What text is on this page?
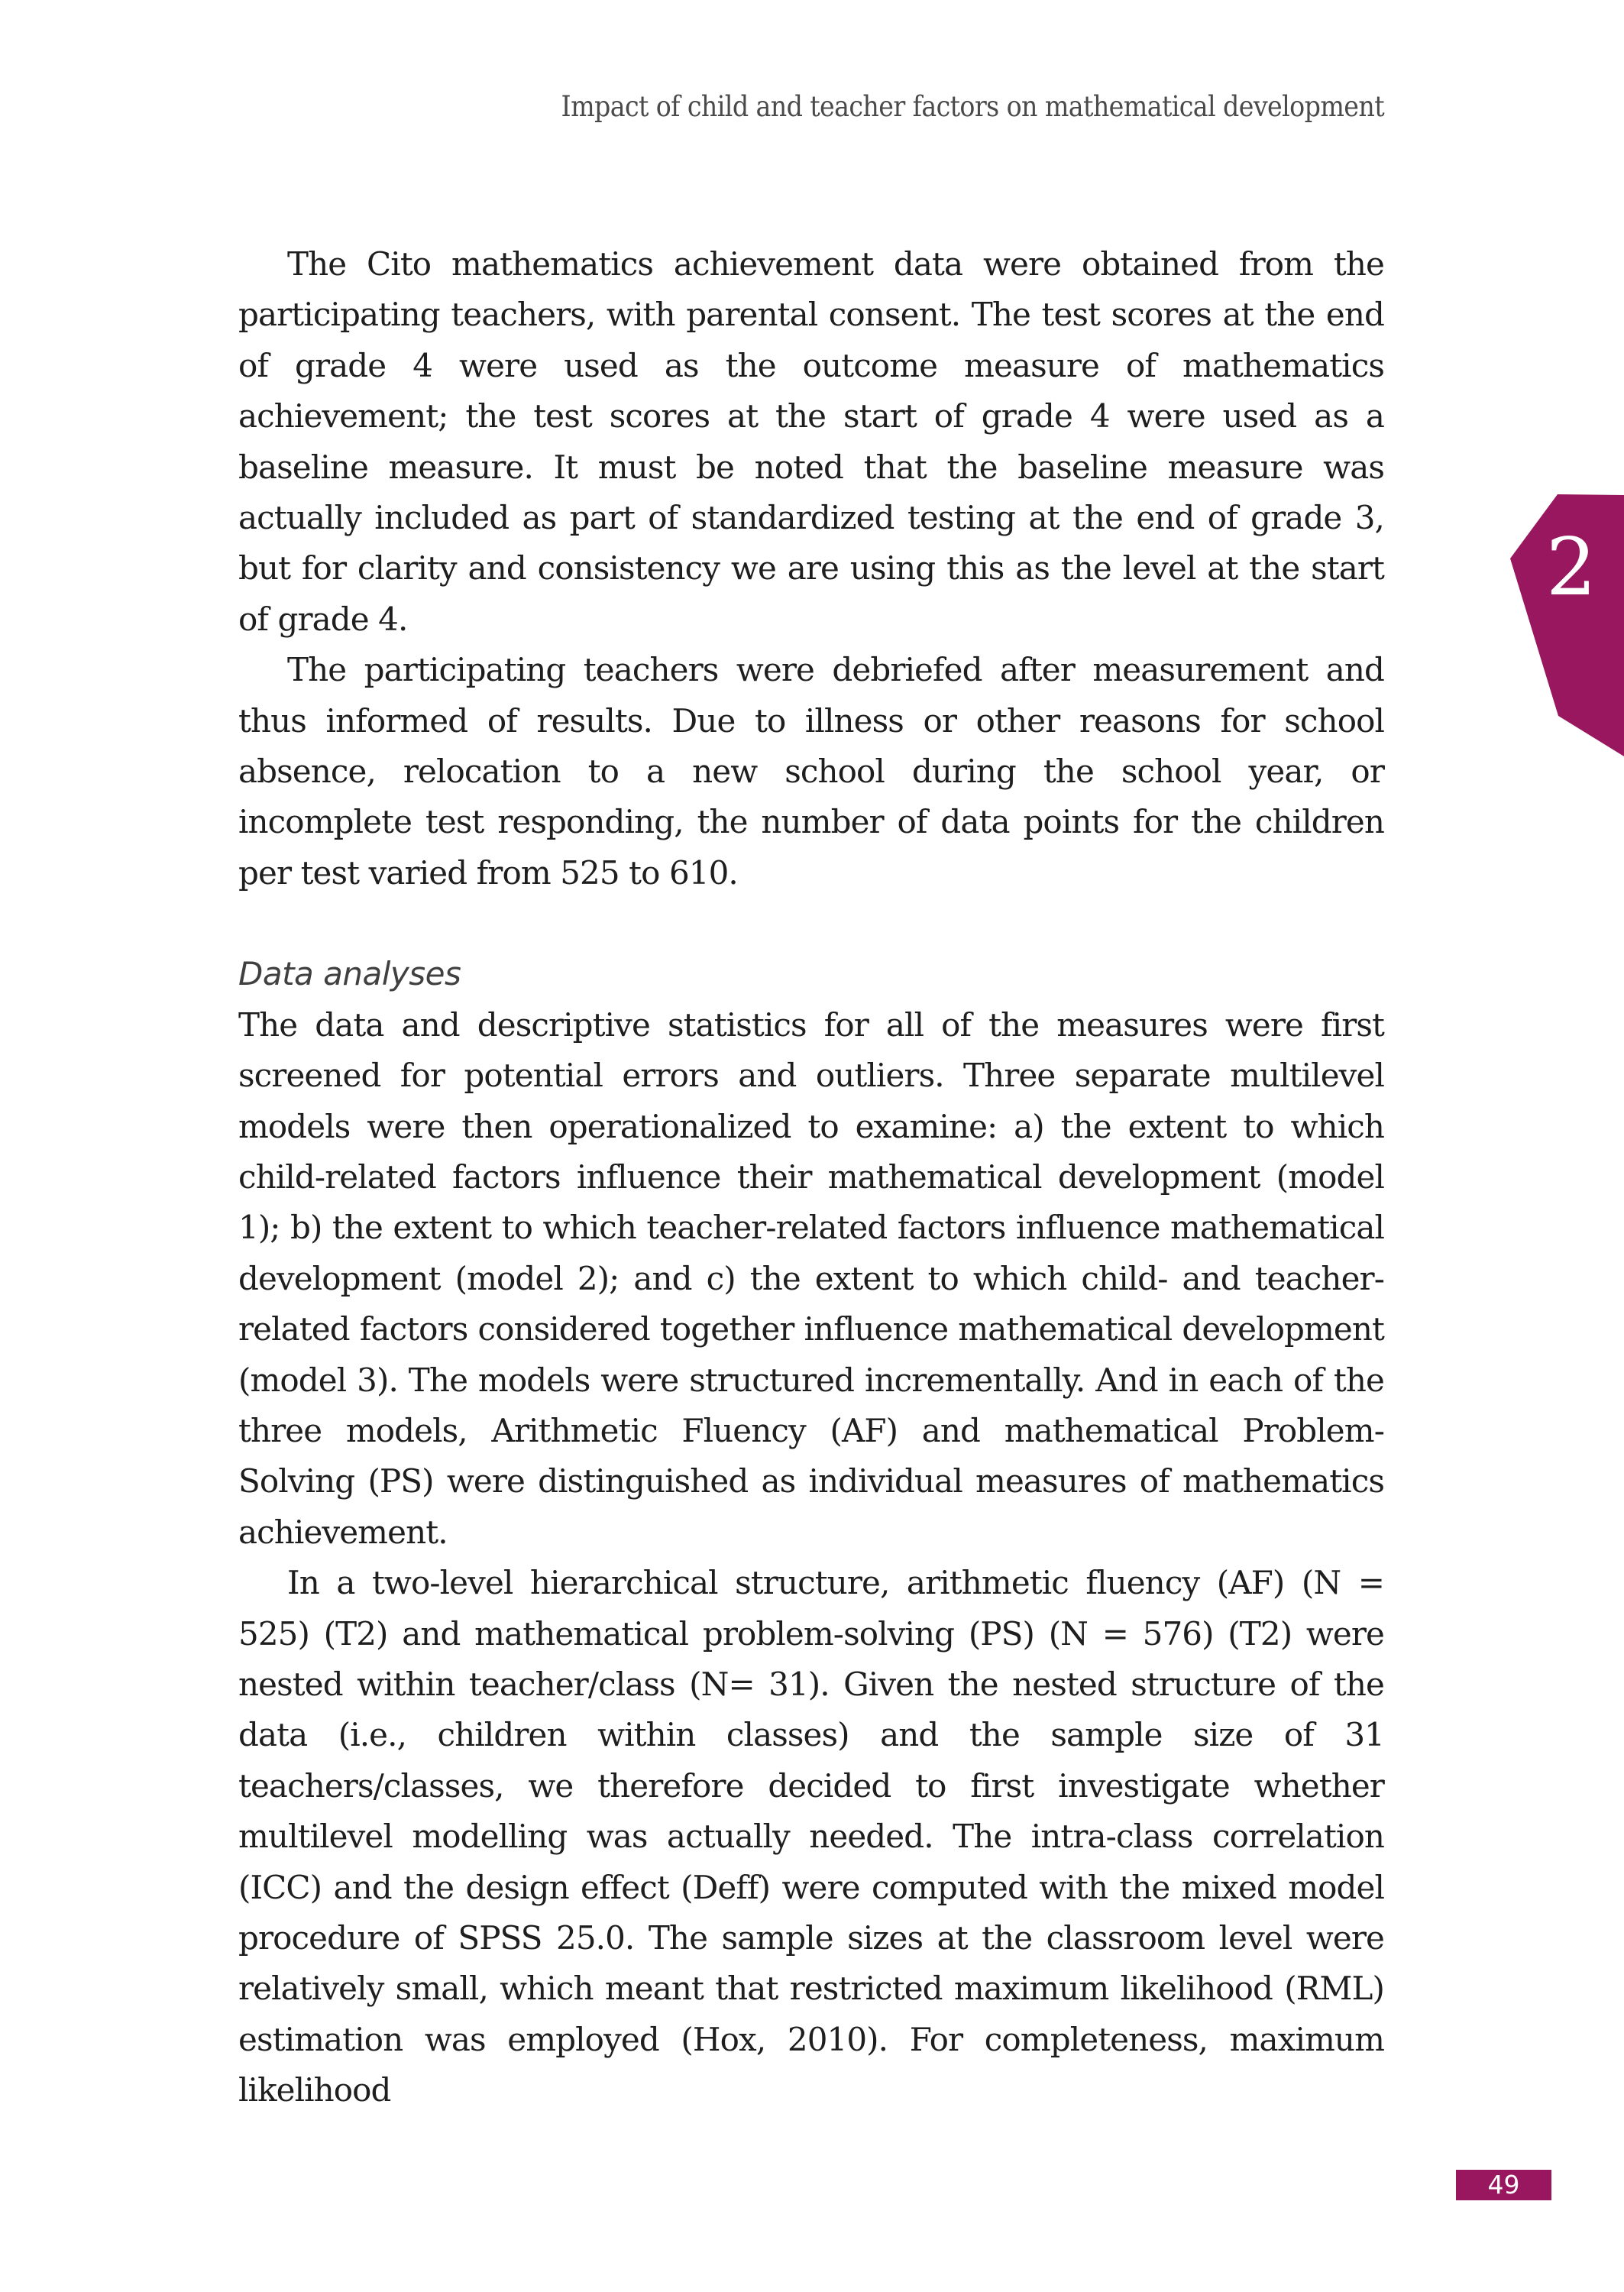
Impact of child and teacher factors on mathematical development
2

The Cito mathematics achievement data were obtained from the participating teachers, with parental consent. The test scores at the end of grade 4 were used as the outcome measure of mathematics achievement; the test scores at the start of grade 4 were used as a baseline measure. It must be noted that the baseline measure was actually included as part of standardized testing at the end of grade 3, but for clarity and consistency we are using this as the level at the start of grade 4.

The participating teachers were debriefed after measurement and thus informed of results. Due to illness or other reasons for school absence, relocation to a new school during the school year, or incomplete test responding, the number of data points for the children per test varied from 525 to 610.

Data analyses

The data and descriptive statistics for all of the measures were first screened for potential errors and outliers. Three separate multilevel models were then operationalized to examine: a) the extent to which child-related factors influence their mathematical development (model 1); b) the extent to which teacher-related factors influence mathematical development (model 2); and c) the extent to which child- and teacher-related factors considered together influence mathematical development (model 3). The models were structured incrementally. And in each of the three models, Arithmetic Fluency (AF) and mathematical Problem-Solving (PS) were distinguished as individual measures of mathematics achievement.

In a two-level hierarchical structure, arithmetic fluency (AF) (N = 525) (T2) and mathematical problem-solving (PS) (N = 576) (T2) were nested within teacher/class (N= 31). Given the nested structure of the data (i.e., children within classes) and the sample size of 31 teachers/classes, we therefore decided to first investigate whether multilevel modelling was actually needed. The intra-class correlation (ICC) and the design effect (Deff) were computed with the mixed model procedure of SPSS 25.0. The sample sizes at the classroom level were relatively small, which meant that restricted maximum likelihood (RML) estimation was employed (Hox, 2010). For completeness, maximum likelihood

49
